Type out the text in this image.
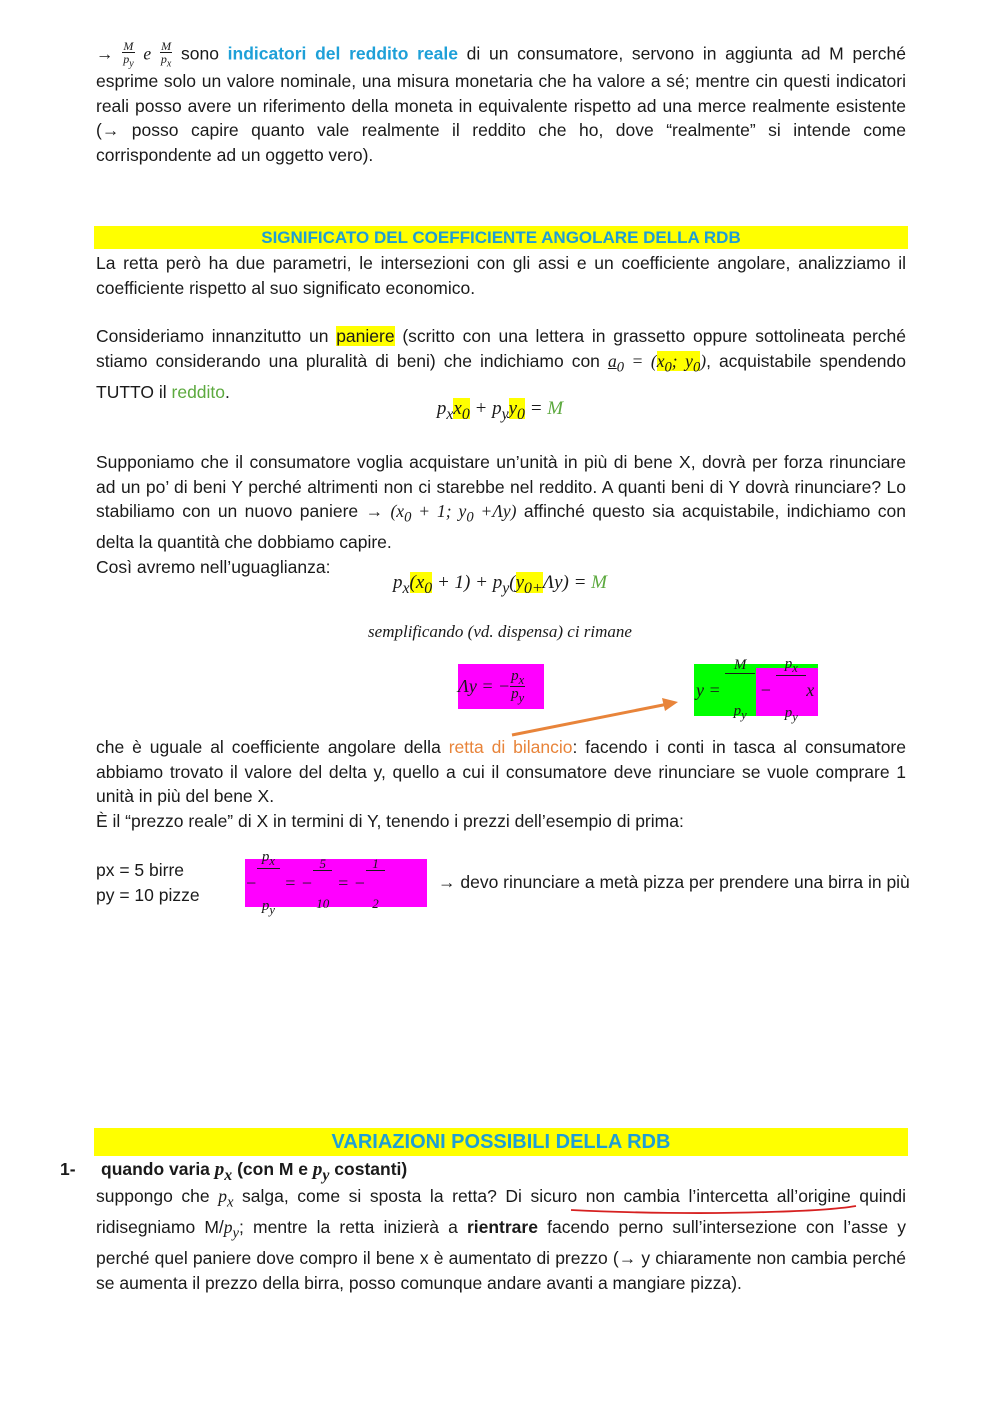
→ $\frac{M}{p_y}$ e $\frac{M}{p_x}$ sono indicatori del reddito reale di un consumatore, servono in aggiunta ad M perché esprime solo un valore nominale, una misura monetaria che ha valore a sé; mentre cin questi indicatori reali posso avere un riferimento della moneta in equivalente rispetto ad una merce realmente esistente (→ posso capire quanto vale realmente il reddito che ho, dove “realmente” si intende come corrispondente ad un oggetto vero).
SIGNIFICATO DEL COEFFICIENTE ANGOLARE DELLA RDB
La retta però ha due parametri, le intersezioni con gli assi e un coefficiente angolare, analizziamo il coefficiente rispetto al suo significato economico.
Consideriamo innanzitutto un paniere (scritto con una lettera in grassetto oppure sottolineata perché stiamo considerando una pluralità di beni) che indichiamo con $a_0 = (x_0$; $y_0$), acquistabile spendendo TUTTO il reddito.
$p_xx_0 + p_yy_0 = M$
Supponiamo che il consumatore voglia acquistare un’unità in più di bene X, dovrà per forza rinunciare ad un po’ di beni Y perché altrimenti non ci starebbe nel reddito. A quanti beni di Y dovrà rinunciare? Lo stabiliamo con un nuovo paniere → ($x_0 + 1$; $y_0 +\Lambda y$) affinché questo sia acquistabile, indichiamo con delta la quantità che dobbiamo capire.
Così avremo nell’uguaglianza:
$p_x(x_0 + 1) + p_y(y_{0+}\Lambda y) = M$
semplificando (vd. dispensa) ci rimane
Λy = − $\frac{p_x}{p_y}$	y =

$\frac{M}{p_y}$

−

$\frac{p_x}{p_y}$

x
che è uguale al coefficiente angolare della retta di bilancio: facendo i conti in tasca al consumatore abbiamo trovato il valore del delta y, quello a cui il consumatore deve rinunciare se vuole comprare 1 unità in più del bene X.
È il “prezzo reale” di X in termini di Y, tenendo i prezzi dell’esempio di prima:
px = 5 birre
py = 10 pizze
−

$\frac{p_x}{p_y}$

= −

$\frac{5}{10}$

= −

$\frac{1}{2}$

	→ devo rinunciare a metà pizza per prendere una birra in più
VARIAZIONI POSSIBILI DELLA RDB
1- quando varia $p_x$ (con M e $p_y$ costanti)
suppongo che $p_x$ salga, come si sposta la retta? Di sicuro non cambia l’intercetta all’origine quindi ridisegniamo $M/p_y$; mentre la retta inizierà a rientrare facendo perno sull’intersezione con l’asse y perché quel paniere dove compro il bene x è aumentato di prezzo (→ y chiaramente non cambia perché se aumenta il prezzo della birra, posso comunque andare avanti a mangiare pizza).
